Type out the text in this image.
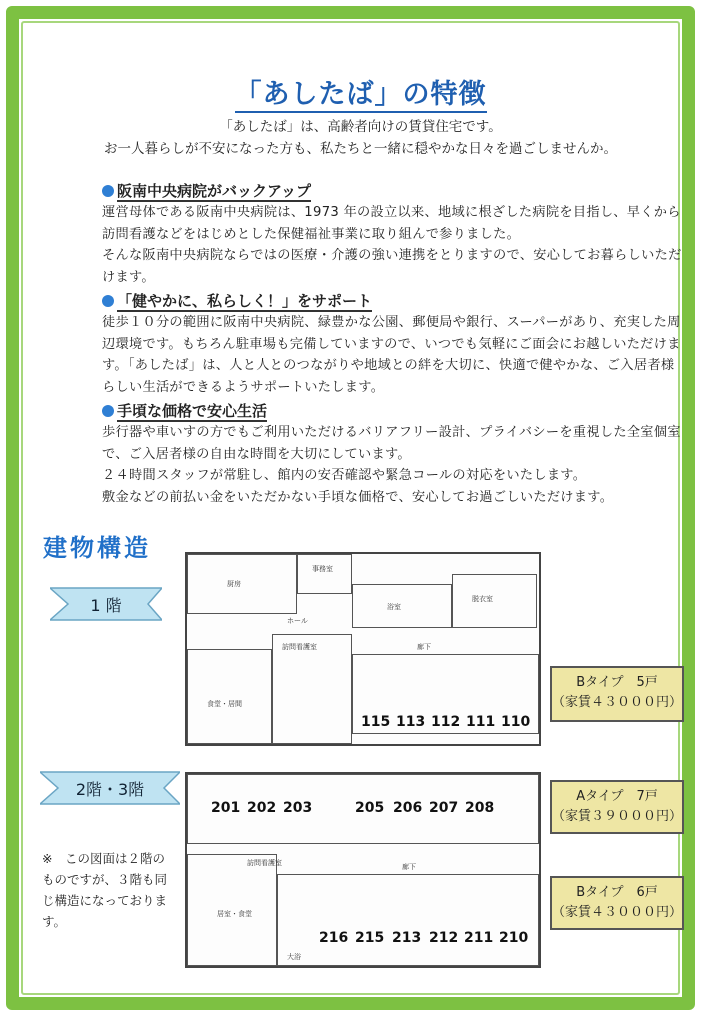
「あしたば」の特徴
「あしたば」は、高齢者向けの賃貸住宅です。
お一人暮らしが不安になった方も、私たちと一緒に穏やかな日々を過ごしませんか。
阪南中央病院がバックアップ
運営母体である阪南中央病院は、1973 年の設立以来、地域に根ざした病院を目指し、早くから訪問看護などをはじめとした保健福祉事業に取り組んで参りました。
そんな阪南中央病院ならではの医療・介護の強い連携をとりますので、安心してお暮らしいただけます。
「健やかに、私らしく！」をサポート
徒歩１０分の範囲に阪南中央病院、緑豊かな公園、郵便局や銀行、スーパーがあり、充実した周辺環境です。もちろん駐車場も完備していますので、いつでも気軽にご面会にお越しいただけます。「あしたば」は、人と人とのつながりや地域との絆を大切に、快適で健やかな、ご入居者様らしい生活ができるようサポートいたします。
手頃な価格で安心生活
歩行器や車いすの方でもご利用いただけるバリアフリー設計、プライバシーを重視した全室個室で、ご入居者様の自由な時間を大切にしています。
２４時間スタッフが常駐し、館内の安否確認や緊急コールの対応をいたします。
敷金などの前払い金をいただかない手頃な価格で、安心してお過ごしいただけます。
建物構造
1 階
厨房
事務室
浴室
脱衣室
ホール
食堂・居間
廊下
訪問看護室
115 113 112 111 110
Bタイプ　5戸
（家賃４３０００円）
2階・3階
居室・食堂
廊下
訪問看護室
大浴
201 202 203	205 206 207 208
216 215 213 212 211 210
Aタイプ　7戸
（家賃３９０００円）
Bタイプ　6戸
（家賃４３０００円）
※　この図面は２階のものですが、３階も同じ構造になっております。
